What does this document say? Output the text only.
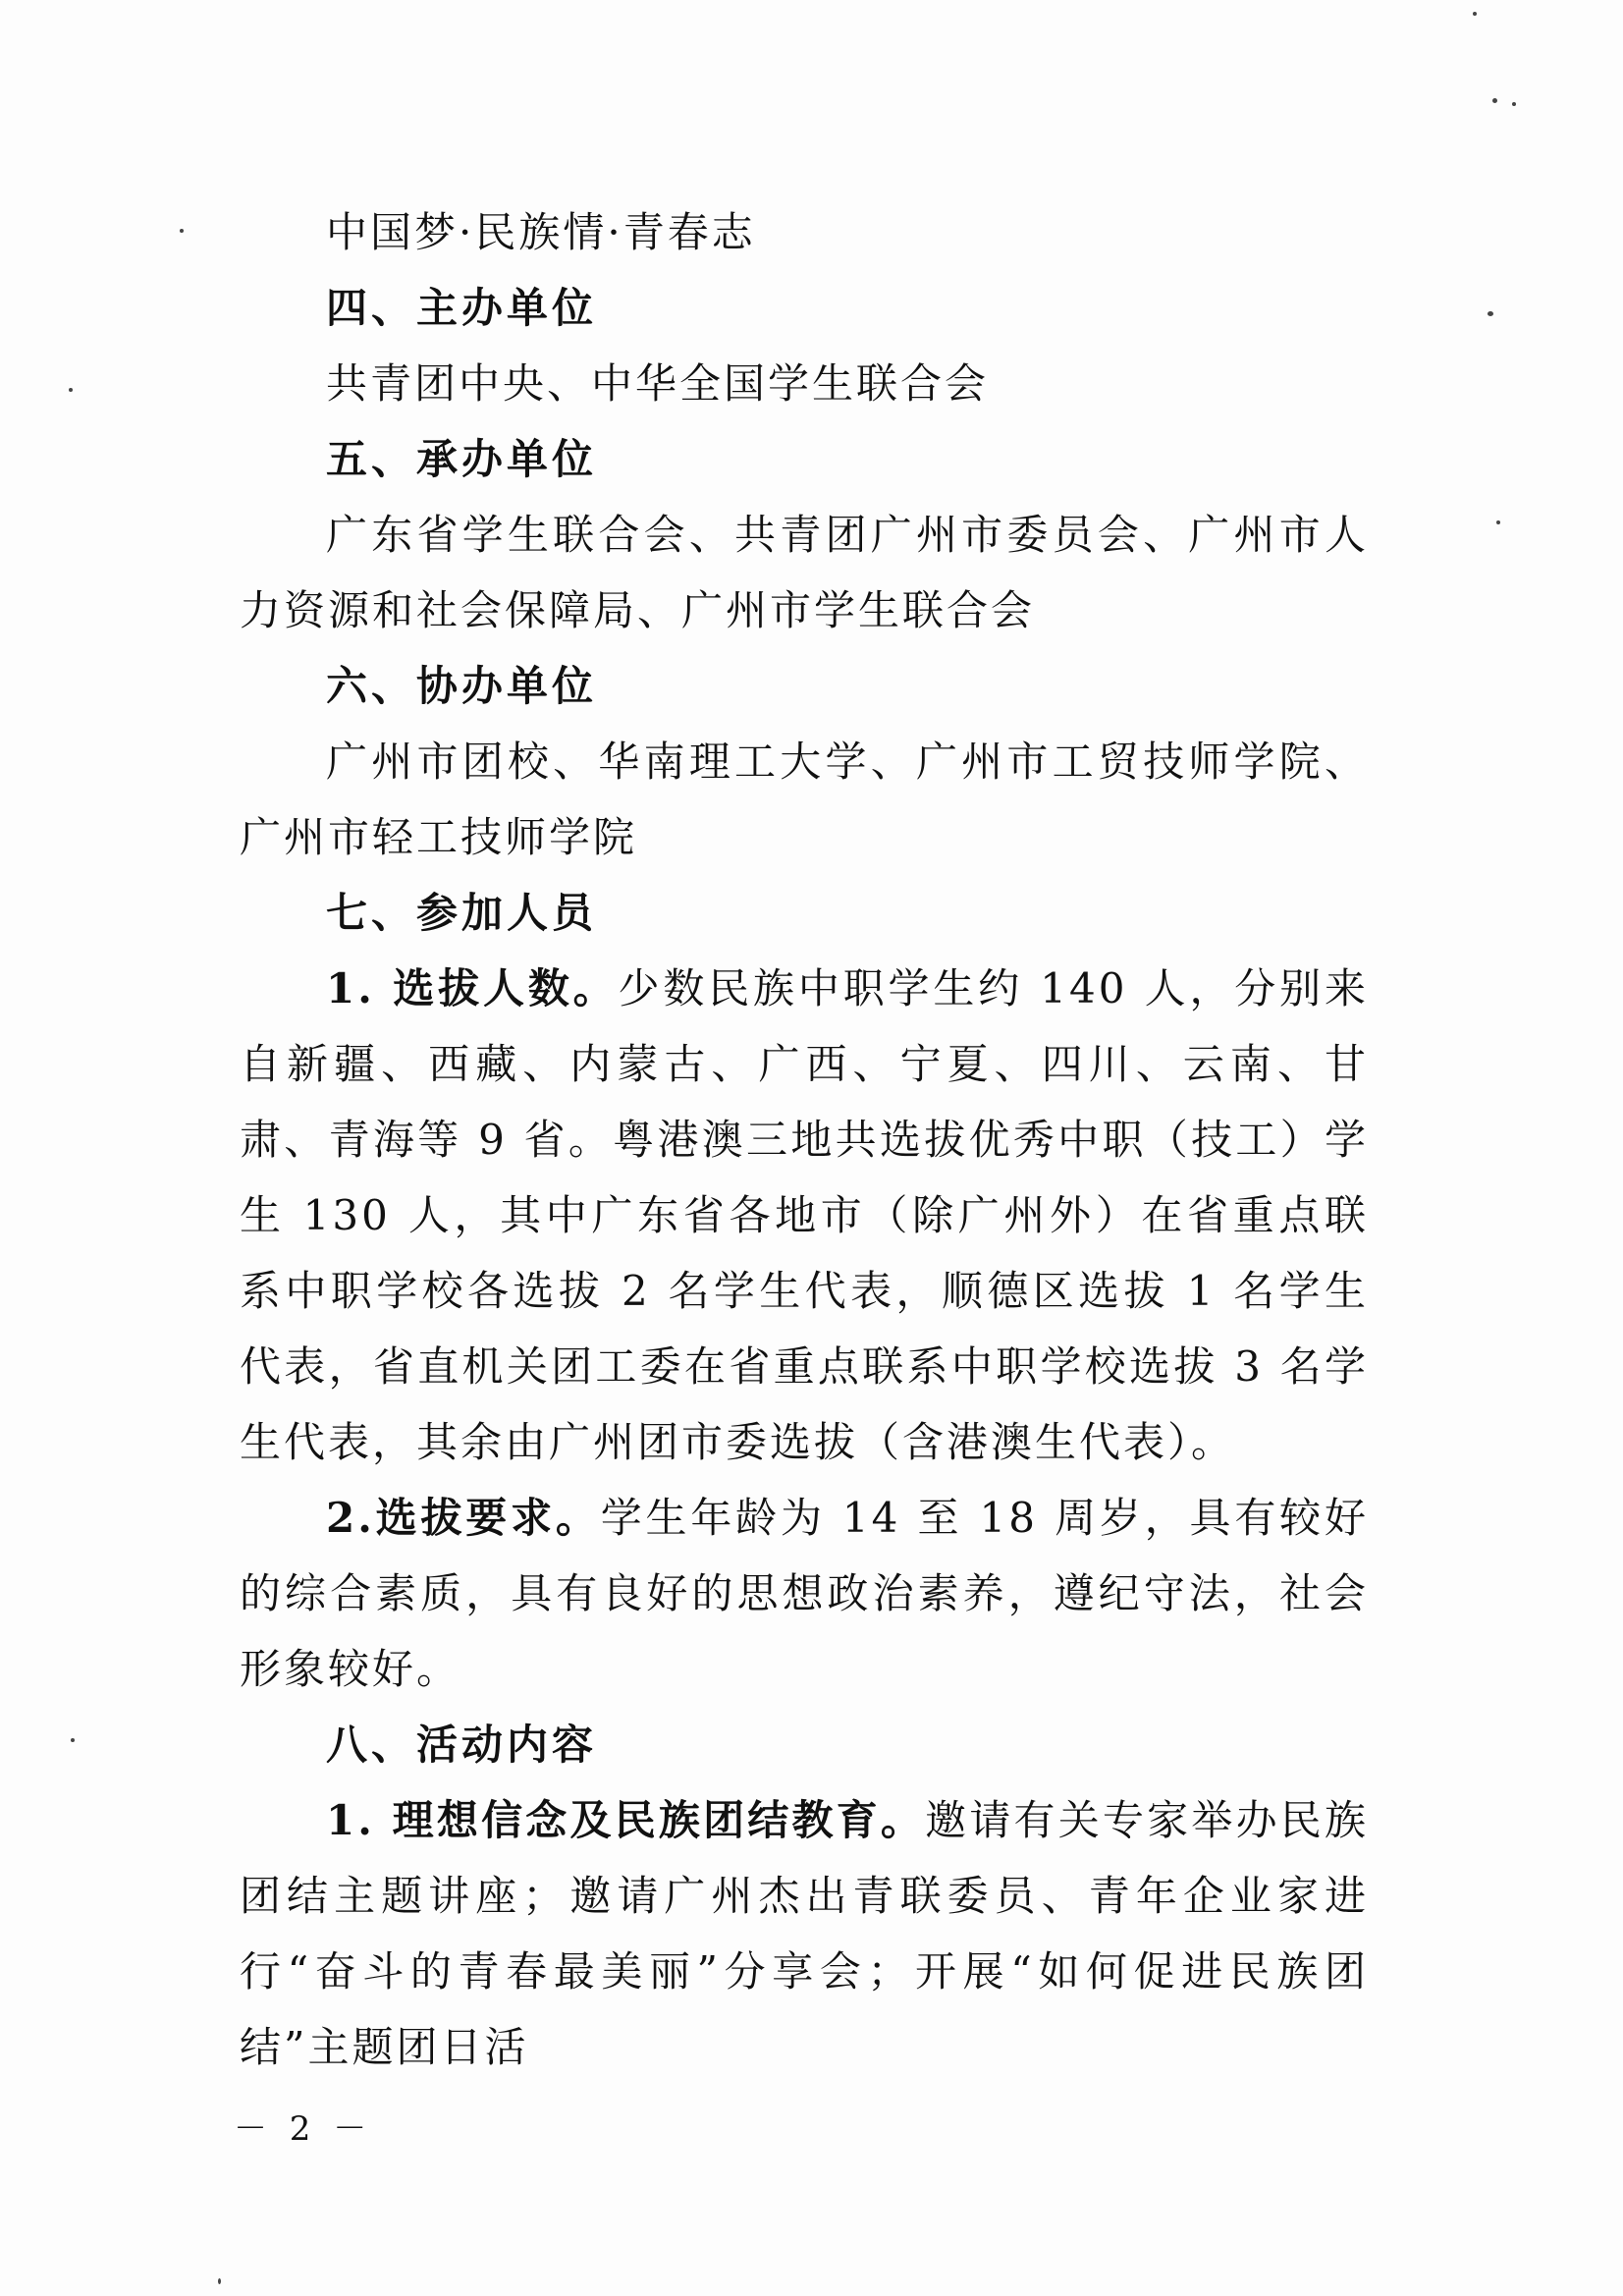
中国梦·民族情·青春志

四、主办单位

共青团中央、中华全国学生联合会

五、承办单位

广东省学生联合会、共青团广州市委员会、广州市人力资源和社会保障局、广州市学生联合会

六、协办单位

广州市团校、华南理工大学、广州市工贸技师学院、广州市轻工技师学院

七、参加人员

1. 选拔人数。少数民族中职学生约 140 人，分别来自新疆、西藏、内蒙古、广西、宁夏、四川、云南、甘肃、青海等 9 省。粤港澳三地共选拔优秀中职（技工）学生 130 人，其中广东省各地市（除广州外）在省重点联系中职学校各选拔 2 名学生代表，顺德区选拔 1 名学生代表，省直机关团工委在省重点联系中职学校选拔 3 名学生代表，其余由广州团市委选拔（含港澳生代表）。

2.选拔要求。学生年龄为 14 至 18 周岁，具有较好的综合素质，具有良好的思想政治素养，遵纪守法，社会形象较好。

八、活动内容

1. 理想信念及民族团结教育。邀请有关专家举办民族团结主题讲座；邀请广州杰出青联委员、青年企业家进行“奋斗的青春最美丽”分享会；开展“如何促进民族团结”主题团日活

－ 2 －
